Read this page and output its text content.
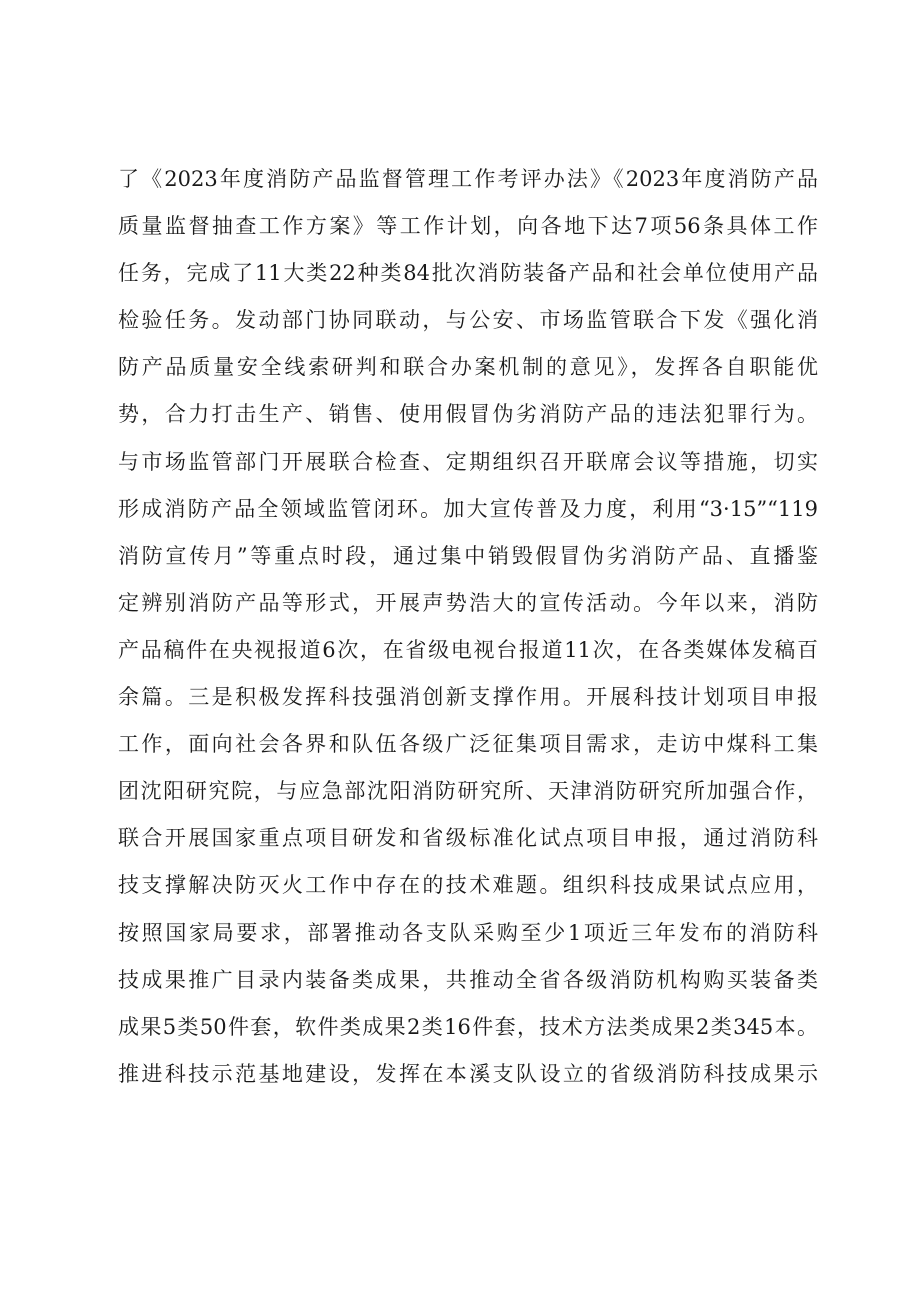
了《2023年度消防产品监督管理工作考评办法》《2023年度消防产品
质量监督抽查工作方案》等工作计划，向各地下达7项56条具体工作
任务，完成了11大类22种类84批次消防装备产品和社会单位使用产品
检验任务。发动部门协同联动，与公安、市场监管联合下发《强化消
防产品质量安全线索研判和联合办案机制的意见》，发挥各自职能优
势，合力打击生产、销售、使用假冒伪劣消防产品的违法犯罪行为。
与市场监管部门开展联合检查、定期组织召开联席会议等措施，切实
形成消防产品全领域监管闭环。加大宣传普及力度，利用“3·15”“119
消防宣传月”等重点时段，通过集中销毁假冒伪劣消防产品、直播鉴
定辨别消防产品等形式，开展声势浩大的宣传活动。今年以来，消防
产品稿件在央视报道6次，在省级电视台报道11次，在各类媒体发稿百
余篇。三是积极发挥科技强消创新支撑作用。开展科技计划项目申报
工作，面向社会各界和队伍各级广泛征集项目需求，走访中煤科工集
团沈阳研究院，与应急部沈阳消防研究所、天津消防研究所加强合作，
联合开展国家重点项目研发和省级标准化试点项目申报，通过消防科
技支撑解决防灭火工作中存在的技术难题。组织科技成果试点应用，
按照国家局要求，部署推动各支队采购至少1项近三年发布的消防科
技成果推广目录内装备类成果，共推动全省各级消防机构购买装备类
成果5类50件套，软件类成果2类16件套，技术方法类成果2类345本。
推进科技示范基地建设，发挥在本溪支队设立的省级消防科技成果示
